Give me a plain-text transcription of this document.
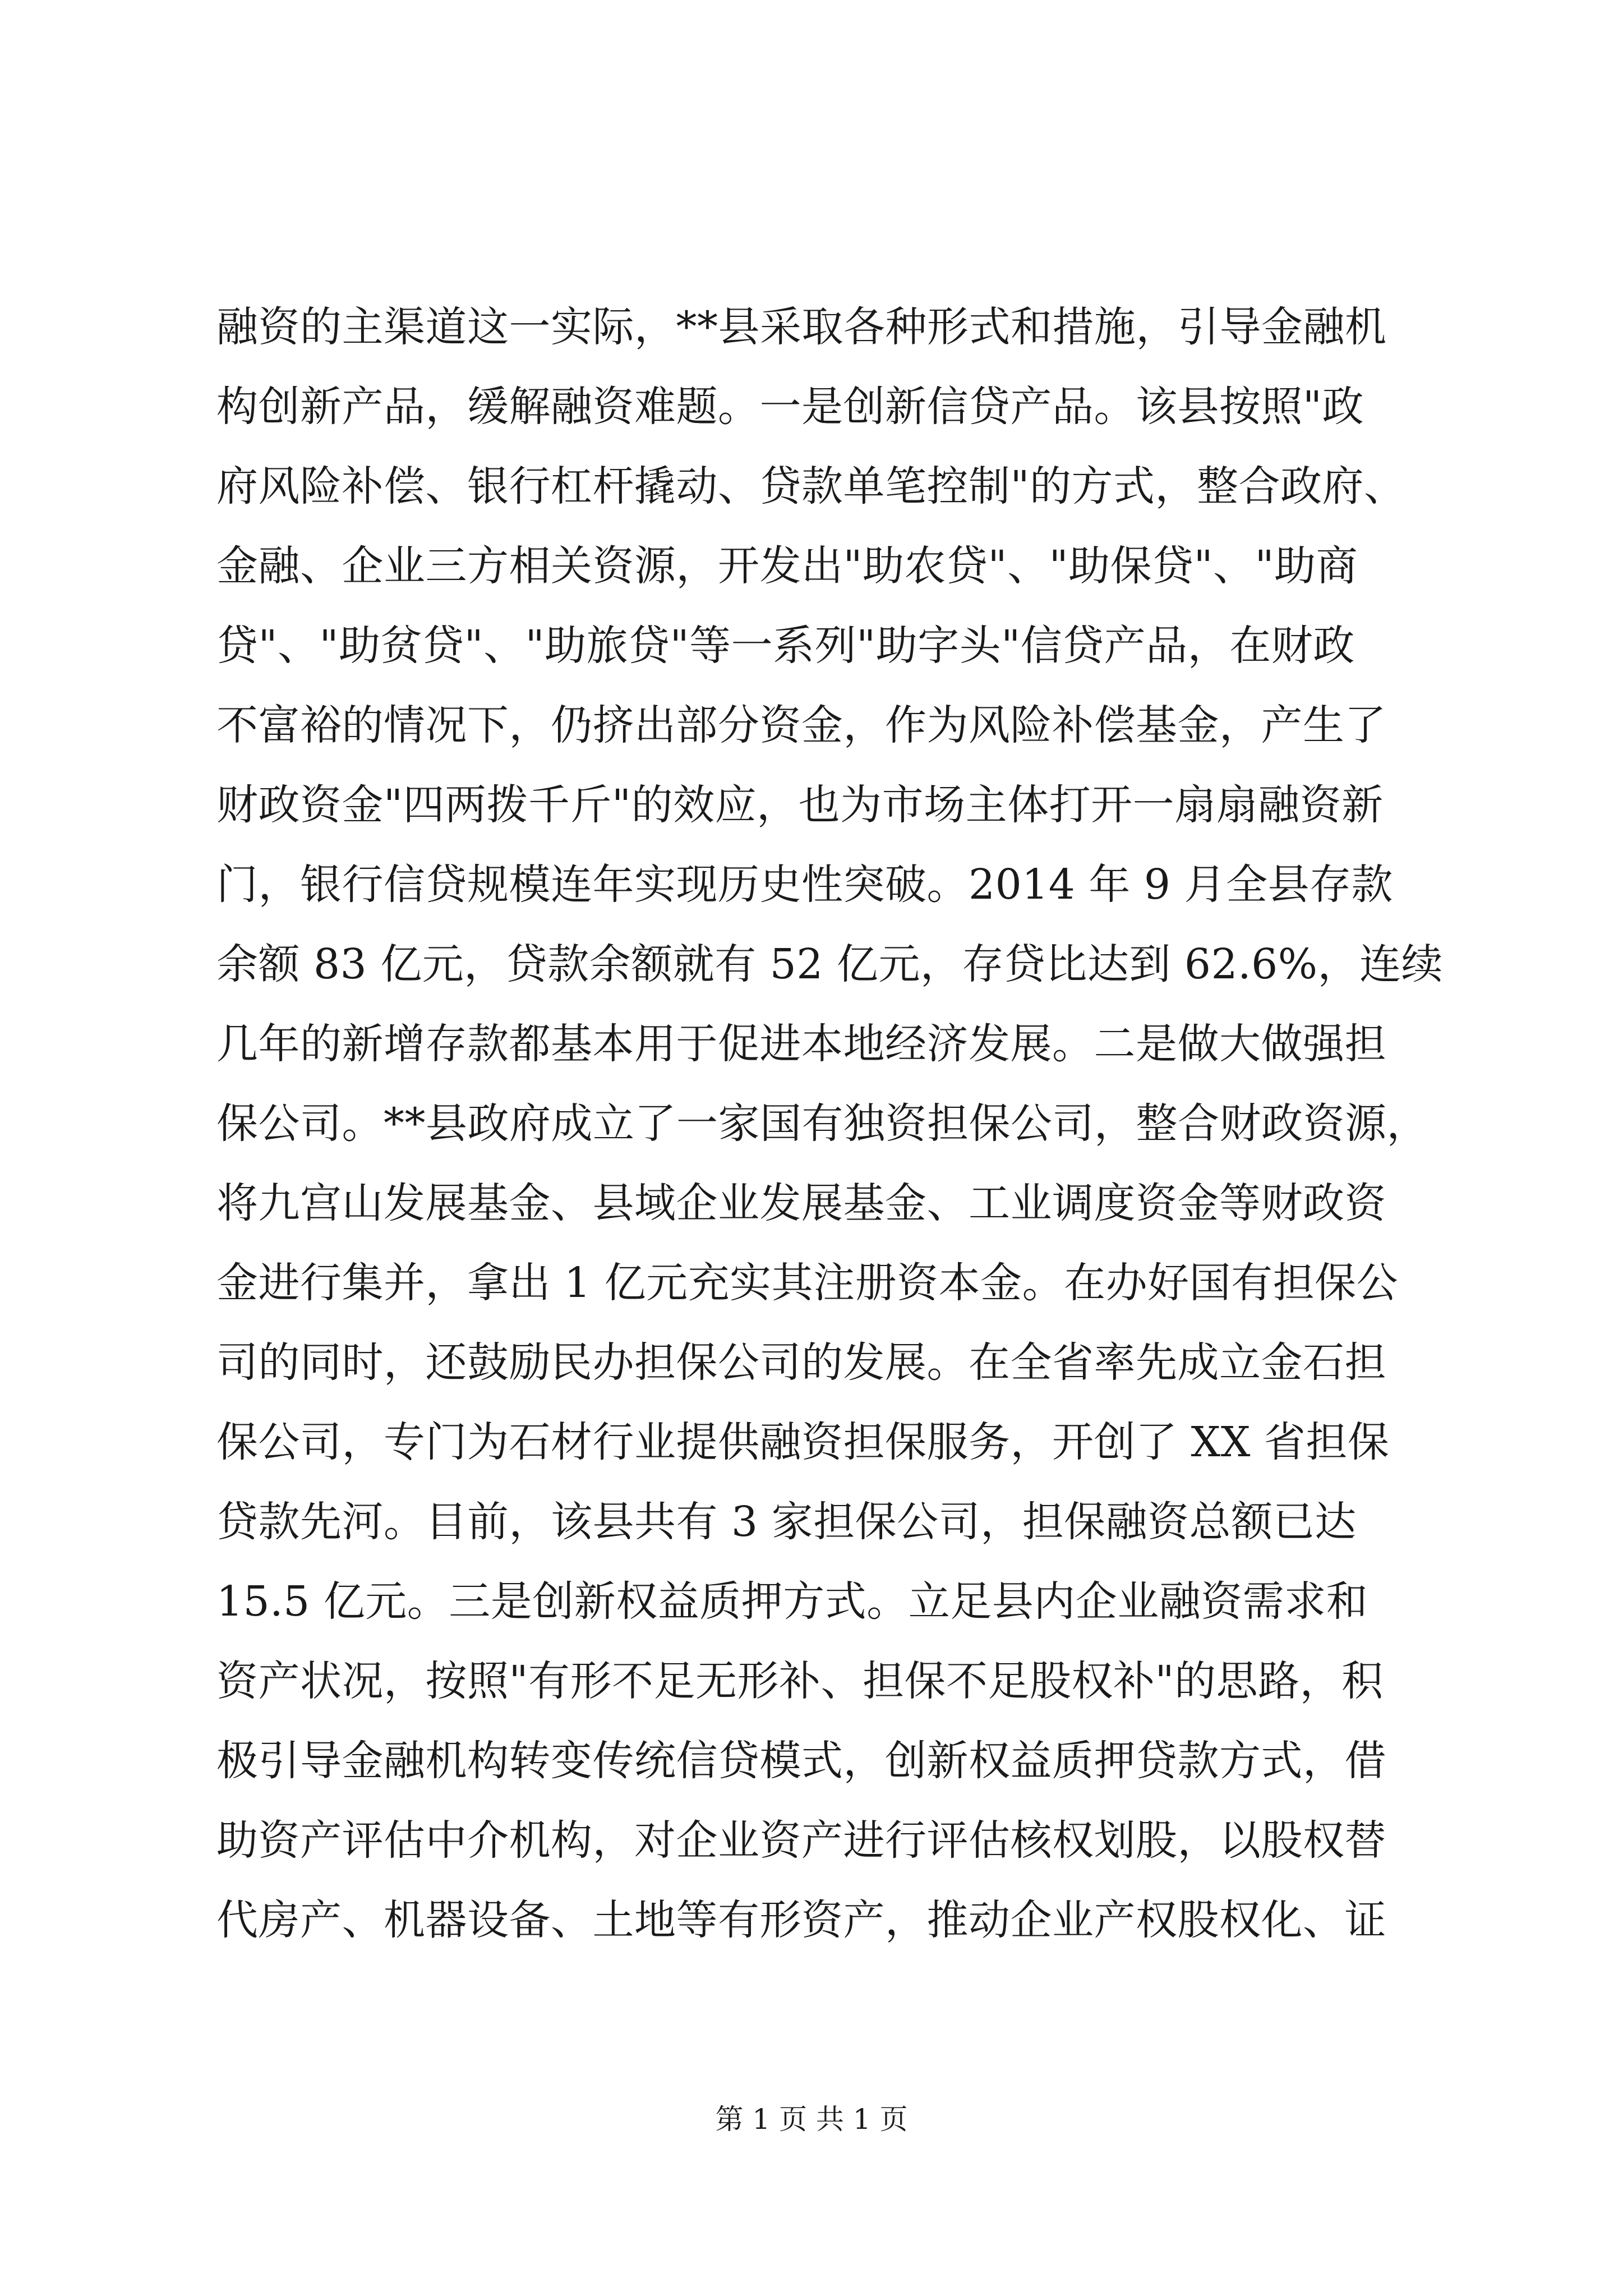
融资的主渠道这一实际，**县采取各种形式和措施，引导金融机
构创新产品，缓解融资难题。一是创新信贷产品。该县按照"政
府风险补偿、银行杠杆撬动、贷款单笔控制"的方式，整合政府、
金融、企业三方相关资源，开发出"助农贷"、"助保贷"、"助商
贷"、"助贫贷"、"助旅贷"等一系列"助字头"信贷产品，在财政
不富裕的情况下，仍挤出部分资金，作为风险补偿基金，产生了
财政资金"四两拨千斤"的效应，也为市场主体打开一扇扇融资新
门，银行信贷规模连年实现历史性突破。2014 年 9 月全县存款
余额 83 亿元，贷款余额就有 52 亿元，存贷比达到 62.6%，连续
几年的新增存款都基本用于促进本地经济发展。二是做大做强担
保公司。**县政府成立了一家国有独资担保公司，整合财政资源，
将九宫山发展基金、县域企业发展基金、工业调度资金等财政资
金进行集并，拿出 1 亿元充实其注册资本金。在办好国有担保公
司的同时，还鼓励民办担保公司的发展。在全省率先成立金石担
保公司，专门为石材行业提供融资担保服务，开创了 XX 省担保
贷款先河。目前，该县共有 3 家担保公司，担保融资总额已达
15.5 亿元。三是创新权益质押方式。立足县内企业融资需求和
资产状况，按照"有形不足无形补、担保不足股权补"的思路，积
极引导金融机构转变传统信贷模式，创新权益质押贷款方式，借
助资产评估中介机构，对企业资产进行评估核权划股，以股权替
代房产、机器设备、土地等有形资产，推动企业产权股权化、证
第 1 页 共 1 页
